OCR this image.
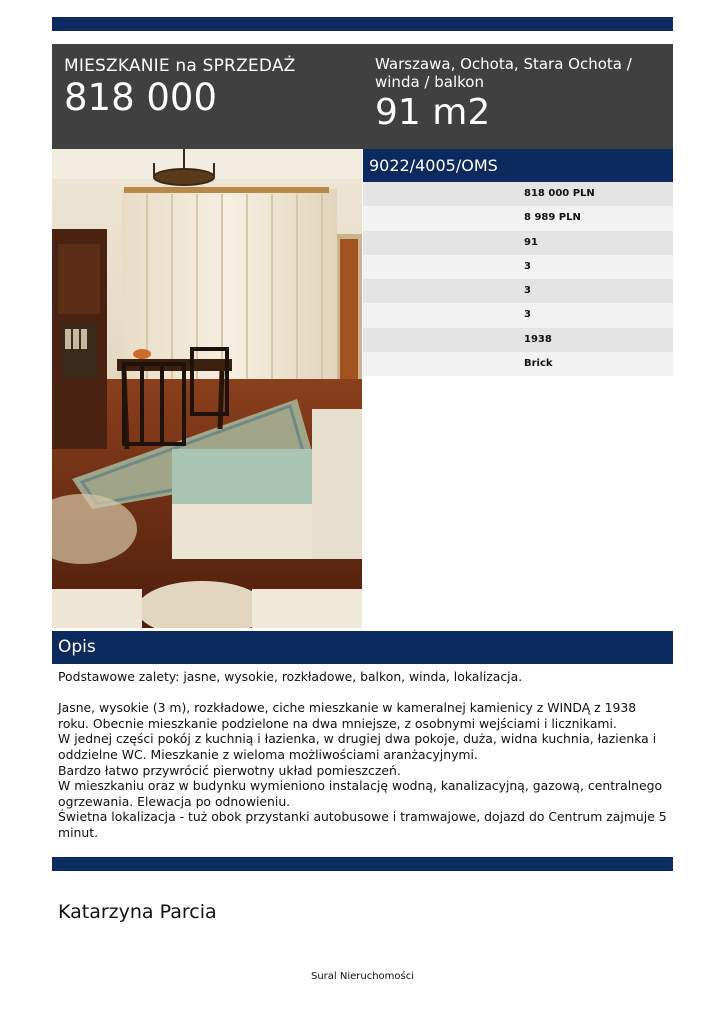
MIESZKANIE na SPRZEDAŻ
818 000
Warszawa, Ochota, Stara Ochota / winda / balkon
91 m2
9022/4005/OMS
818 000 PLN
8 989 PLN
91
3
3
3
1938
Brick
Opis

Podstawowe zalety: jasne, wysokie, rozkładowe, balkon, winda, lokalizacja.

Jasne, wysokie (3 m), rozkładowe, ciche mieszkanie w kameralnej kamienicy z WINDĄ z 1938 roku. Obecnie mieszkanie podzielone na dwa mniejsze, z osobnymi wejściami i licznikami.

W jednej części pokój z kuchnią i łazienka, w drugiej dwa pokoje, duża, widna kuchnia, łazienka i oddzielne WC. Mieszkanie z wieloma możliwościami aranżacyjnymi.

Bardzo łatwo przywrócić pierwotny układ pomieszczeń.

W mieszkaniu oraz w budynku wymieniono instalację wodną, kanalizacyjną, gazową, centralnego ogrzewania. Elewacja po odnowieniu.

Świetna lokalizacja - tuż obok przystanki autobusowe i tramwajowe, dojazd do Centrum zajmuje 5 minut.

Katarzyna Parcia
Sural Nieruchomości
